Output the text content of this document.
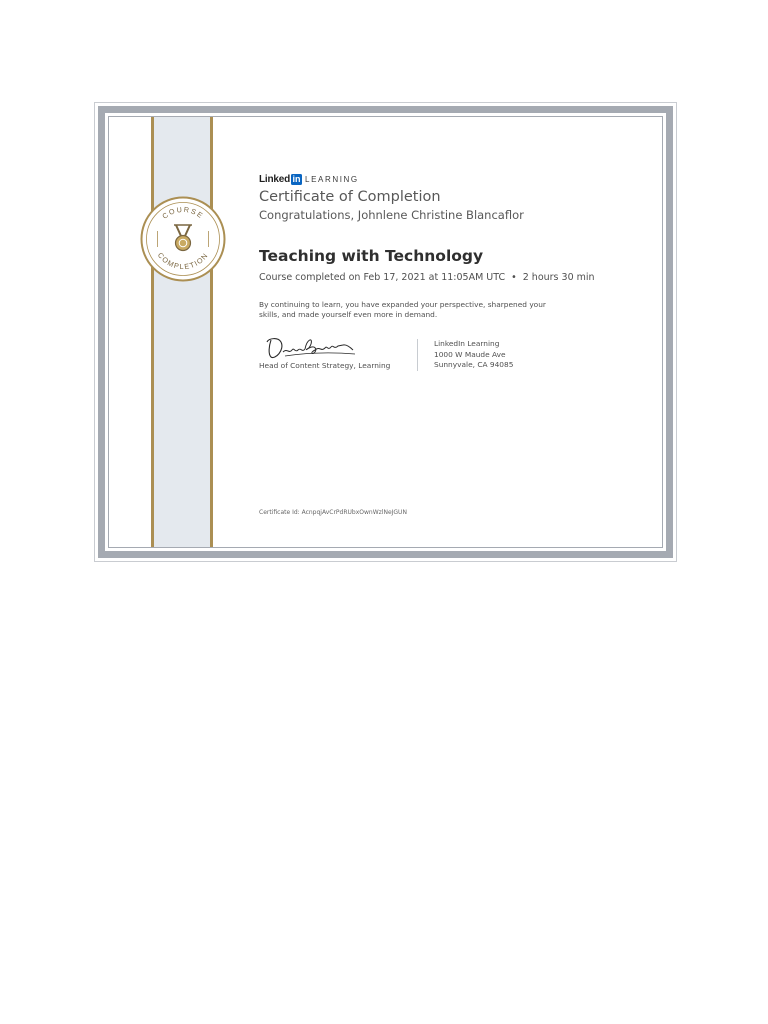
COURSE
COMPLETION
Linked in LEARNING
Certificate of Completion
Congratulations, Johnlene Christine Blancaflor
Teaching with Technology
Course completed on Feb 17, 2021 at 11:05AM UTC • 2 hours 30 min
By continuing to learn, you have expanded your perspective, sharpened your
skills, and made yourself even more in demand.
Head of Content Strategy, Learning
LinkedIn Learning
1000 W Maude Ave
Sunnyvale, CA 94085
Certificate Id: AcnpqjAvCrPdRUbxOwnWzlNeJGUN
